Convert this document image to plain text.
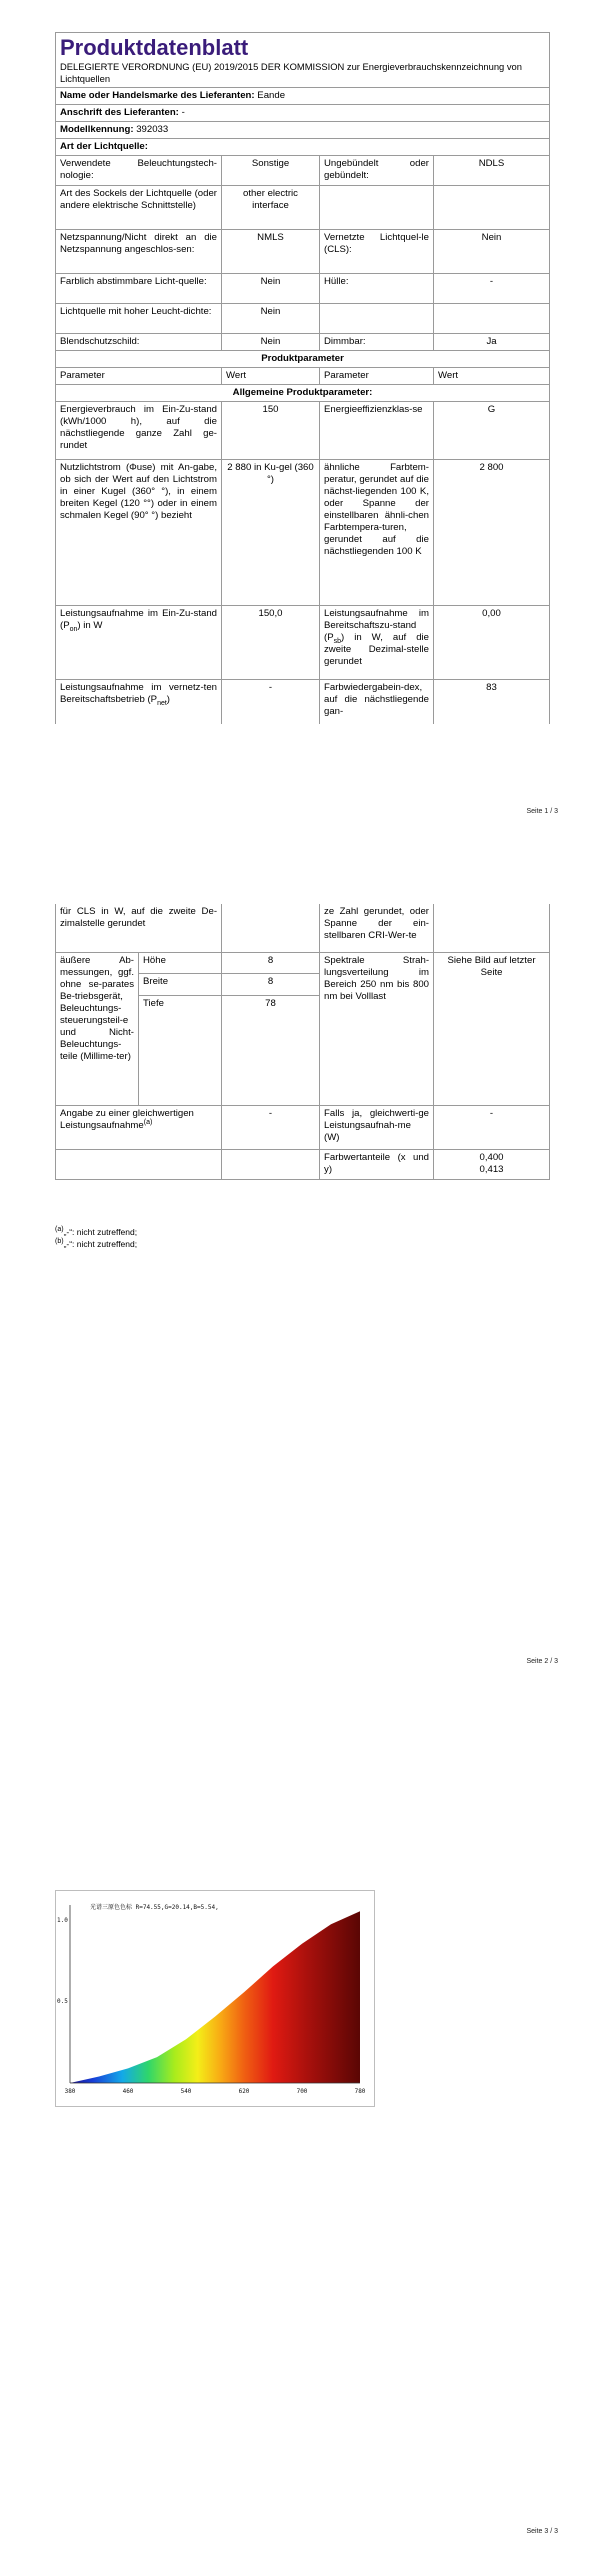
Produktdatenblatt
DELEGIERTE VERORDNUNG (EU) 2019/2015 DER KOMMISSION zur Energieverbrauchskennzeichnung von Lichtquellen			

Name oder Handelsmarke des Lieferanten: Eande			
Anschrift des Lieferanten: -			
Modellkennung: 392033			
Art der Lichtquelle:			
Verwendete Beleuchtungstech-nologie:	Sonstige	Ungebündelt oder gebündelt:	NDLS
Art des Sockels der Lichtquelle (oder andere elektrische Schnittstelle)	other electric interface		
Netzspannung/Nicht direkt an die Netzspannung angeschlos-sen:	NMLS	Vernetzte Lichtquel-le (CLS):	Nein
Farblich abstimmbare Licht-quelle:	Nein	Hülle:	-
Lichtquelle mit hoher Leucht-dichte:	Nein		
Blendschutzschild:	Nein	Dimmbar:	Ja
Produktparameter			
Parameter	Wert	Parameter	Wert
Allgemeine Produktparameter:			
Energieverbrauch im Ein-Zu-stand (kWh/1000 h), auf die nächstliegende ganze Zahl ge-rundet	150	Energieeffizienzklas-se	G
Nutzlichtstrom (Φuse) mit An-gabe, ob sich der Wert auf den Lichtstrom in einer Kugel (360° °), in einem breiten Kegel (120 °°) oder in einem schmalen Kegel (90° °) bezieht	2 880 in Ku-gel (360 °)	ähnliche Farbtem-peratur, gerundet auf die nächst-liegenden 100 K, oder Spanne der einstellbaren ähnli-chen Farbtempera-turen, gerundet auf die nächstliegenden 100 K	2 800
Leistungsaufnahme im Ein-Zu-stand $(P_{on})$ in W	150,0	Leistungsaufnahme im Bereitschaftszu-stand $(P_{sb})$ in W, auf die zweite Dezimal-stelle gerundet	0,00
Leistungsaufnahme im vernetz-ten Bereitschaftsbetrieb $(P_{net})$	-	Farbwiedergabein-dex, auf die nächstliegende gan-	83
Seite 1 / 3
für CLS in W, auf die zweite De-zimalstelle gerundet			ze Zahl gerundet, oder Spanne der ein-stellbaren CRI-Wer-te	
äußere Ab-messungen, ggf. ohne se-parates Be-triebsgerät, Beleuchtungs-steuerungsteil-e und Nicht-Beleuchtungs-teile (Millime-ter)	Höhe	8	Spektrale Strah-lungsverteilung im Bereich 250 nm bis 800 nm bei Volllast	Siehe Bild auf letzter Seite
	Breite	8		
	Tiefe	78		
Angabe zu einer gleichwertigen Leistungsaufnahme$^{(a)}$		-	Falls ja, gleichwerti-ge Leistungsaufnah-me (W)	-
			Farbwertanteile (x und y)	0,400
0,413
$^{(a)}$„-“: nicht zutreffend;
$^{(b)}$„-“: nicht zutreffend;
Seite 2 / 3
光谱三原色色标 R=74.55,G=20.14,B=5.54,
1.0
0.5
380	460	540	620	700	780
Seite 3 / 3
